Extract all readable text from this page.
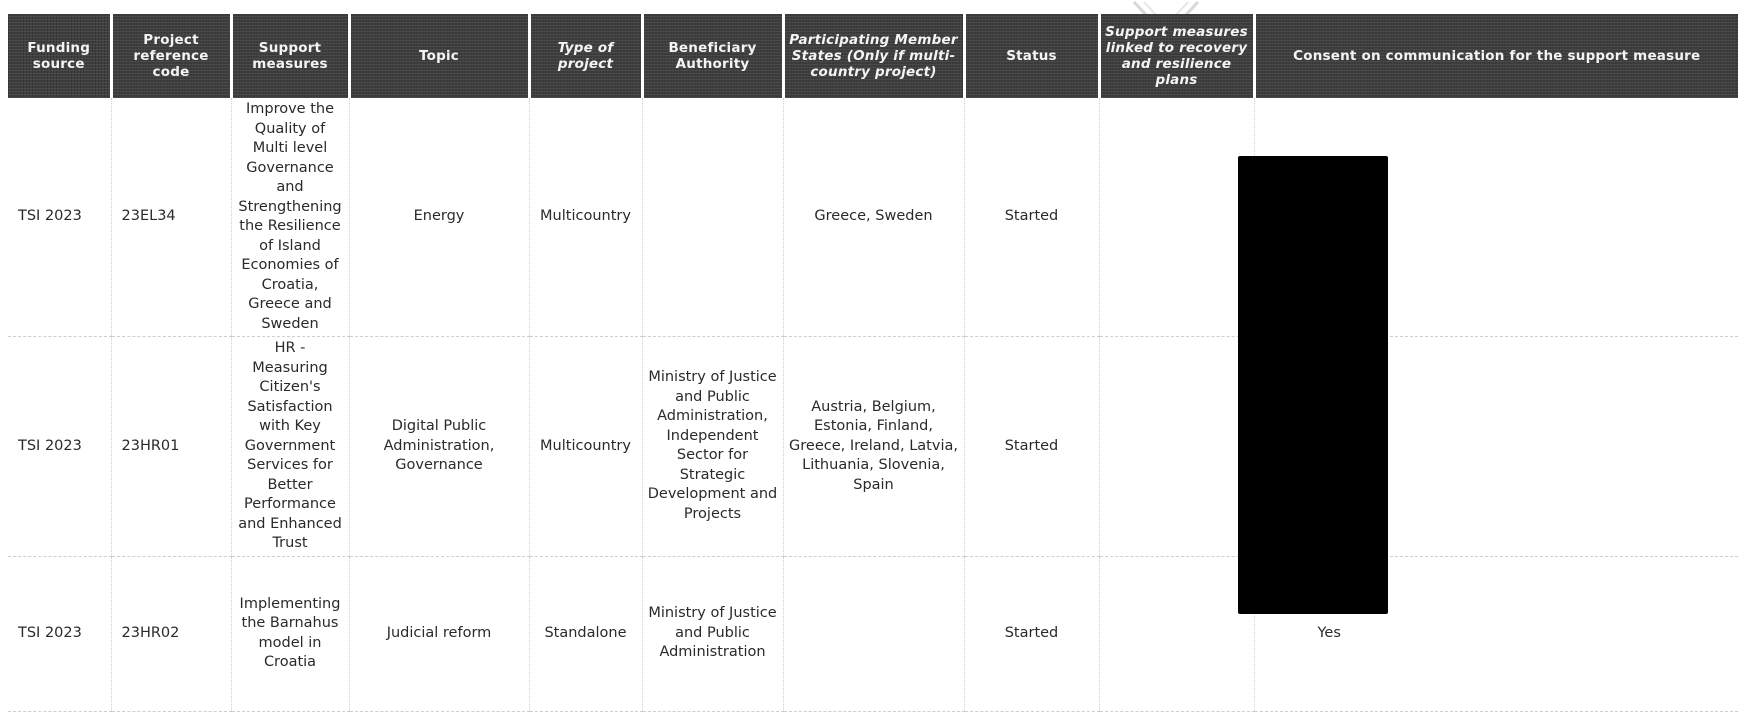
Funding source	Project reference code	Support measures	Topic	Type of project	Beneficiary Authority	Participating Member States (Only if multi-country project)	Status	Support measures linked to recovery and resilience plans	Consent on communication for the support measure
TSI 2023	23EL34	Improve the Quality of Multi level Governance and Strengthening the Resilience of Island Economies of Croatia, Greece and Sweden	Energy	Multicountry		Greece, Sweden	Started		
TSI 2023	23HR01	HR - Measuring Citizen's Satisfaction with Key Government Services for Better Performance and Enhanced Trust	Digital Public Administration, Governance	Multicountry	Ministry of Justice and Public Administration, Independent Sector for Strategic Development and Projects	Austria, Belgium, Estonia, Finland, Greece, Ireland, Latvia, Lithuania, Slovenia, Spain	Started		
TSI 2023	23HR02	Implementing the Barnahus model in Croatia	Judicial reform	Standalone	Ministry of Justice and Public Administration		Started		Yes
